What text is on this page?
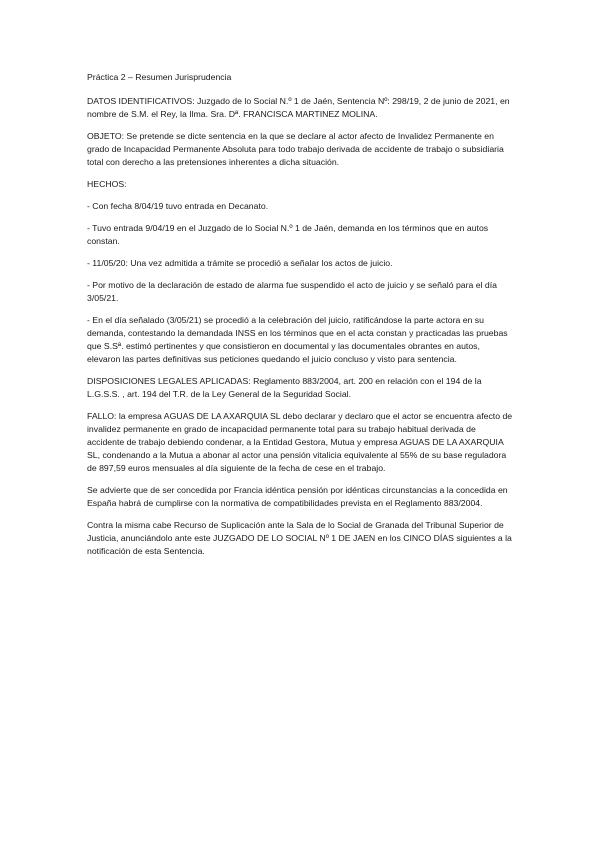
Práctica 2 – Resumen Jurisprudencia

DATOS IDENTIFICATIVOS: Juzgado de lo Social N.º 1 de Jaén, Sentencia Nº: 298/19, 2 de junio de 2021, en nombre de S.M. el Rey, la Ilma. Sra. Dª. FRANCISCA MARTINEZ MOLINA.

OBJETO: Se pretende se dicte sentencia en la que se declare al actor afecto de Invalidez Permanente en grado de Incapacidad Permanente Absoluta para todo trabajo derivada de accidente de trabajo o subsidiaria total con derecho a las pretensiones inherentes a dicha situación.

HECHOS:

- Con fecha 8/04/19 tuvo entrada en Decanato.

- Tuvo entrada 9/04/19 en el Juzgado de lo Social N.º 1 de Jaén, demanda en los términos que en autos constan.

- 11/05/20: Una vez admitida a trámite se procedió a señalar los actos de juicio.

- Por motivo de la declaración de estado de alarma fue suspendido el acto de juicio y se señaló para el día 3/05/21.

- En el día señalado (3/05/21) se procedió a la celebración del juicio, ratificándose la parte actora en su demanda, contestando la demandada INSS en los términos que en el acta constan y practicadas las pruebas que S.Sª. estimó pertinentes y que consistieron en documental y las documentales obrantes en autos, elevaron las partes definitivas sus peticiones quedando el juicio concluso y visto para sentencia.

DISPOSICIONES LEGALES APLICADAS: Reglamento 883/2004, art. 200 en relación con el 194 de la L.G.S.S. , art. 194 del T.R. de la Ley General de la Seguridad Social.

FALLO: la empresa AGUAS DE LA AXARQUIA SL debo declarar y declaro que el actor se encuentra afecto de invalidez permanente en grado de incapacidad permanente total para su trabajo habitual derivada de accidente de trabajo debiendo condenar, a la Entidad Gestora, Mutua y empresa AGUAS DE LA AXARQUIA SL, condenando a la Mutua a abonar al actor una pensión vitalicia equivalente al 55% de su base reguladora de 897,59 euros mensuales al día siguiente de la fecha de cese en el trabajo.

Se advierte que de ser concedida por Francia idéntica pensión por idénticas circunstancias a la concedida en España habrá de cumplirse con la normativa de compatibilidades prevista en el Reglamento 883/2004.

Contra la misma cabe Recurso de Suplicación ante la Sala de lo Social de Granada del Tribunal Superior de Justicia, anunciándolo ante este JUZGADO DE LO SOCIAL Nº 1 DE JAEN en los CINCO DÍAS siguientes a la notificación de esta Sentencia.
